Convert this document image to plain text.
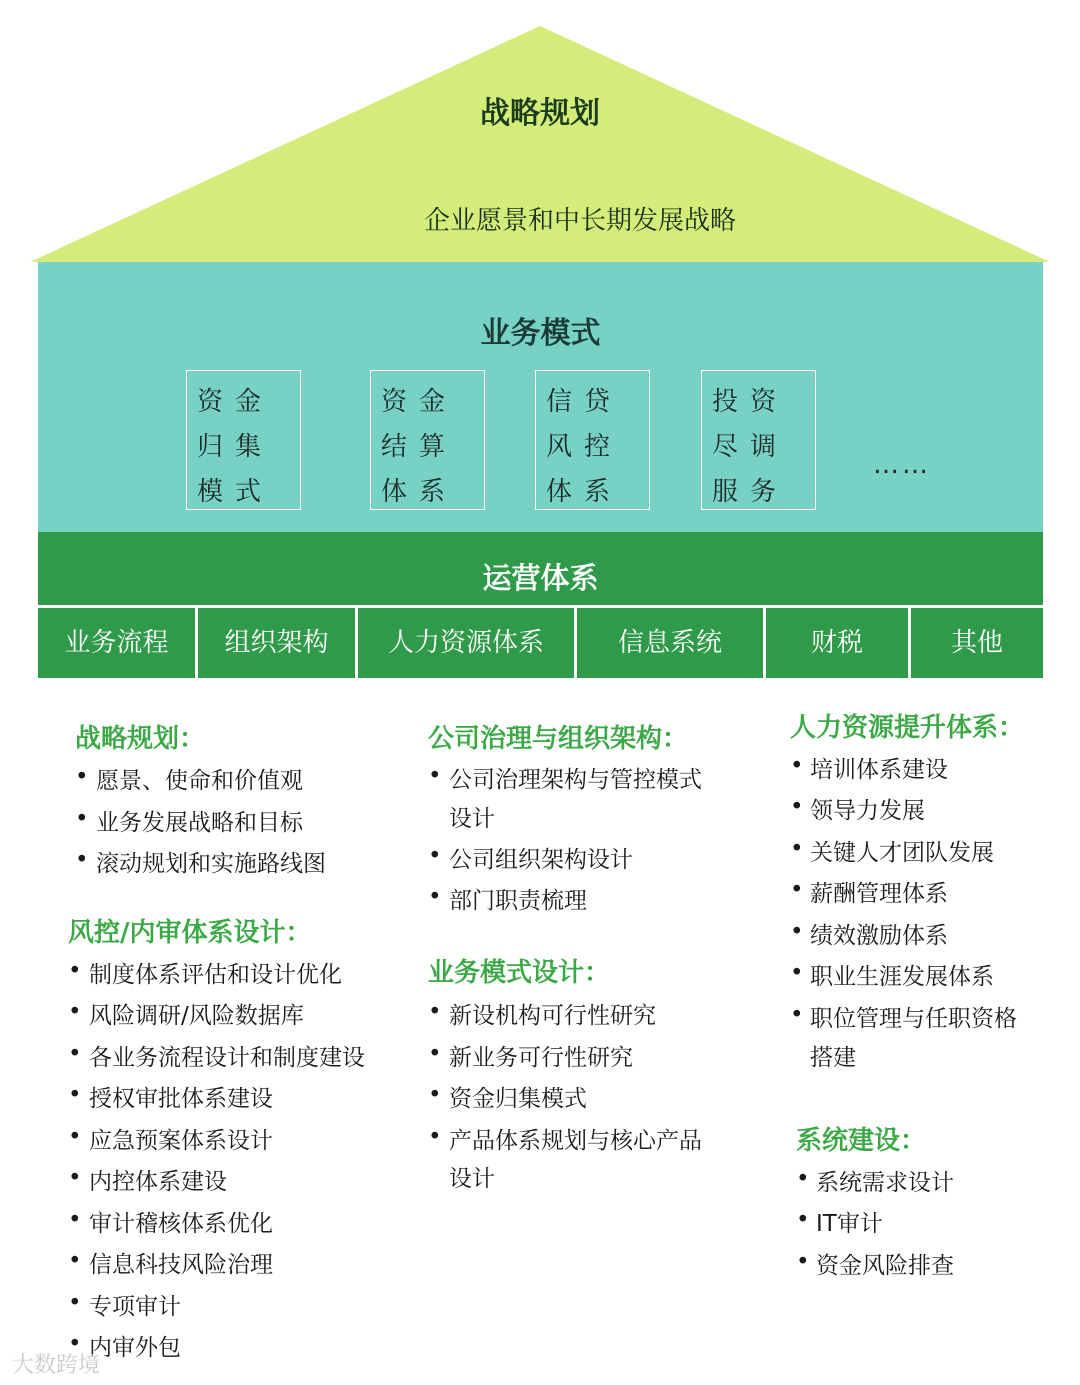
战略规划
企业愿景和中长期发展战略
业务模式
资金
归集
模式
资金
结算
体系
信贷
风控
体系
投资
尽调
服务
……
运营体系
业务流程	组织架构	人力资源体系	信息系统	财税	其他
战略规划：
• 愿景、使命和价值观
• 业务发展战略和目标
• 滚动规划和实施路线图
风控/内审体系设计：
• 制度体系评估和设计优化
• 风险调研/风险数据库
• 各业务流程设计和制度建设
• 授权审批体系建设
• 应急预案体系设计
• 内控体系建设
• 审计稽核体系优化
• 信息科技风险治理
• 专项审计
• 内审外包
公司治理与组织架构：
• 公司治理架构与管控模式
设计
• 公司组织架构设计
• 部门职责梳理
业务模式设计：
• 新设机构可行性研究
• 新业务可行性研究
• 资金归集模式
• 产品体系规划与核心产品
设计
人力资源提升体系：
• 培训体系建设
• 领导力发展
• 关键人才团队发展
• 薪酬管理体系
• 绩效激励体系
• 职业生涯发展体系
• 职位管理与任职资格
搭建
系统建设：
• 系统需求设计
• IT审计
• 资金风险排查
大数跨境
